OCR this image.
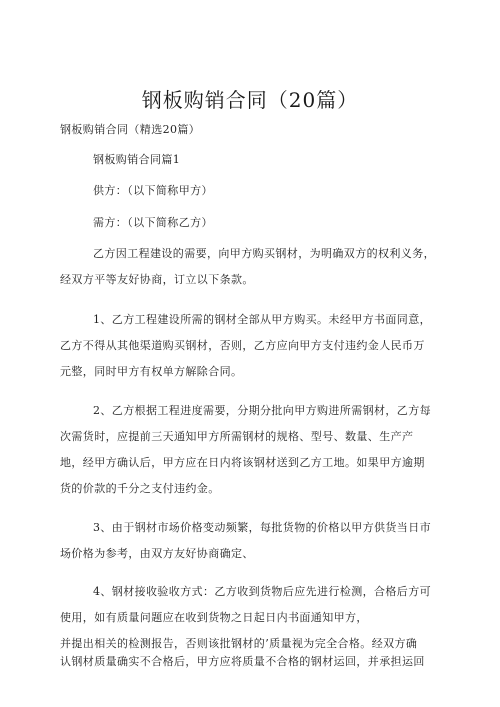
钢板购销合同（20篇）
钢板购销合同（精选20篇）
钢板购销合同篇1
供方：（以下简称甲方）
需方：（以下简称乙方）
乙方因工程建设的需要，向甲方购买钢材，为明确双方的权利义务，
经双方平等友好协商，订立以下条款。
1、乙方工程建设所需的钢材全部从甲方购买。未经甲方书面同意，
乙方不得从其他渠道购买钢材，否则，乙方应向甲方支付违约金人民币万
元整，同时甲方有权单方解除合同。
2、乙方根据工程进度需要，分期分批向甲方购进所需钢材，乙方每
次需货时，应提前三天通知甲方所需钢材的规格、型号、数量、生产产
地，经甲方确认后，甲方应在日内将该钢材送到乙方工地。如果甲方逾期
货的价款的千分之支付违约金。
3、由于钢材市场价格变动频繁，每批货物的价格以甲方供货当日市
场价格为参考，由双方友好协商确定、
4、钢材接收验收方式：乙方收到货物后应先进行检测，合格后方可
使用，如有质量问题应在收到货物之日起日内书面通知甲方，
并提出相关的检测报告，否则该批钢材的’质量视为完全合格。经双方确
认钢材质量确实不合格后，甲方应将质量不合格的钢材运回，并承担运回
